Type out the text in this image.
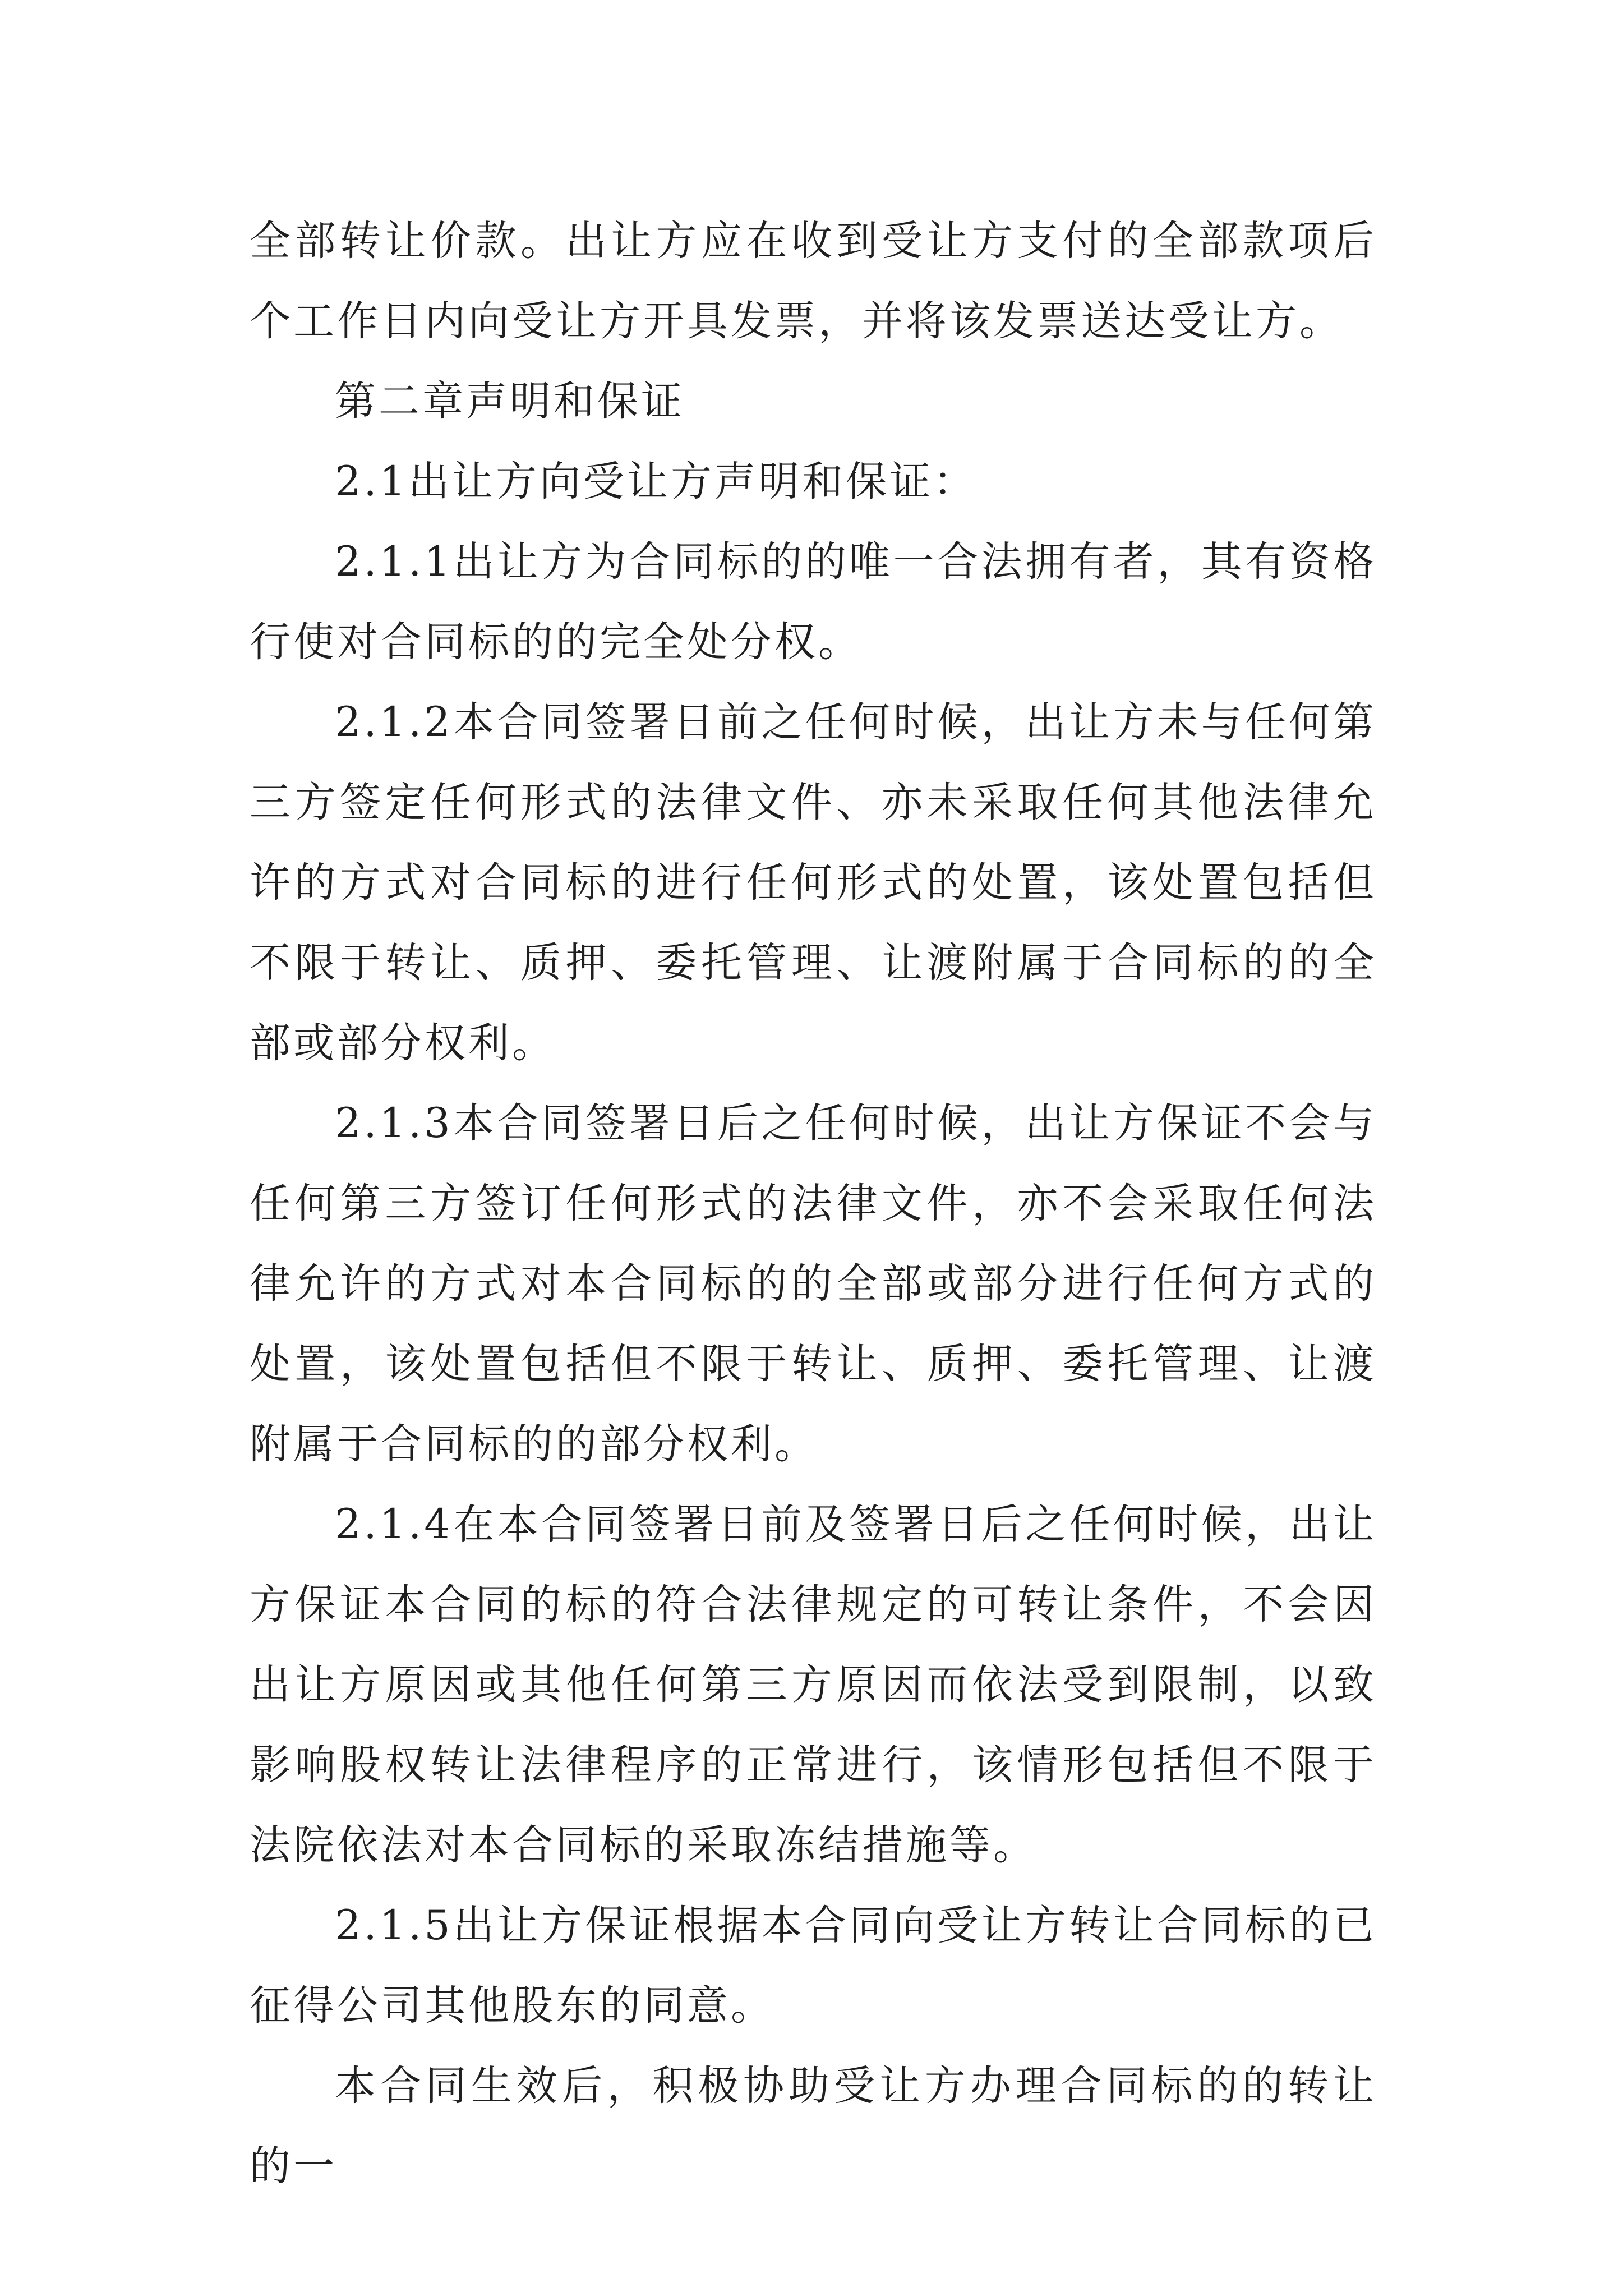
全部转让价款。出让方应在收到受让方支付的全部款项后个工作日内向受让方开具发票，并将该发票送达受让方。

第二章声明和保证

2.1出让方向受让方声明和保证：

2.1.1出让方为合同标的的唯一合法拥有者，其有资格行使对合同标的的完全处分权。

2.1.2本合同签署日前之任何时候，出让方未与任何第三方签定任何形式的法律文件、亦未采取任何其他法律允许的方式对合同标的进行任何形式的处置，该处置包括但不限于转让、质押、委托管理、让渡附属于合同标的的全部或部分权利。

2.1.3本合同签署日后之任何时候，出让方保证不会与任何第三方签订任何形式的法律文件，亦不会采取任何法律允许的方式对本合同标的的全部或部分进行任何方式的处置，该处置包括但不限于转让、质押、委托管理、让渡附属于合同标的的部分权利。

2.1.4在本合同签署日前及签署日后之任何时候，出让方保证本合同的标的符合法律规定的可转让条件，不会因出让方原因或其他任何第三方原因而依法受到限制，以致影响股权转让法律程序的正常进行，该情形包括但不限于法院依法对本合同标的采取冻结措施等。

2.1.5出让方保证根据本合同向受让方转让合同标的已征得公司其他股东的同意。

本合同生效后，积极协助受让方办理合同标的的转让的一
